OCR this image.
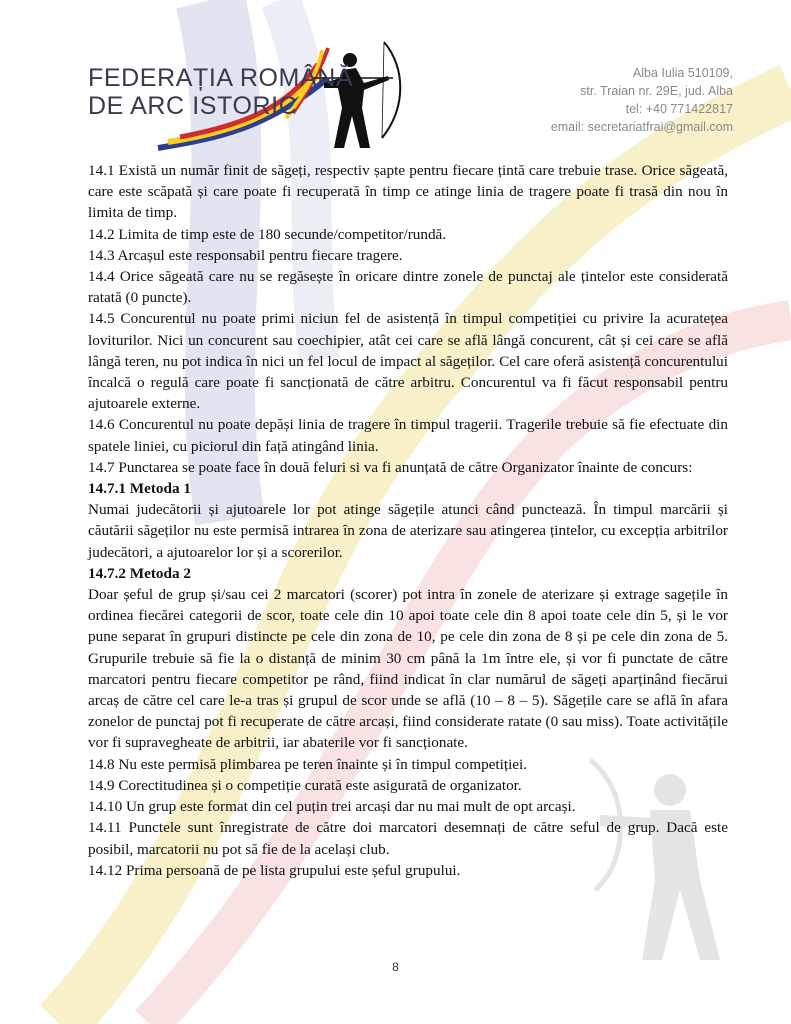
FEDERAȚIA ROMÂNĂ
DE ARC ISTORIC
Alba Iulia 510109,
str. Traian nr. 29E, jud. Alba
tel: +40 771422817
email: secretariatfrai@gmail.com

14.1 Există un număr finit de săgeți, respectiv șapte pentru fiecare țintă care trebuie trase. Orice săgeată, care este scăpată și care poate fi recuperată în timp ce atinge linia de tragere poate fi trasă din nou în limita de timp.

14.2 Limita de timp este de 180 secunde/competitor/rundă.

14.3 Arcașul este responsabil pentru fiecare tragere.

14.4 Orice săgeată care nu se regăsește în oricare dintre zonele de punctaj ale țintelor este considerată ratată (0 puncte).

14.5 Concurentul nu poate primi niciun fel de asistență în timpul competiției cu privire la acuratețea loviturilor. Nici un concurent sau coechipier, atât cei care se află lângă concurent, cât și cei care se află lângă teren, nu pot indica în nici un fel locul de impact al săgeților. Cel care oferă asistență concurentului încalcă o regulă care poate fi sancționată de către arbitru. Concurentul va fi făcut responsabil pentru ajutoarele externe.

14.6 Concurentul nu poate depăși linia de tragere în timpul tragerii. Tragerile trebuie să fie efectuate din spatele liniei, cu piciorul din față atingând linia.

14.7 Punctarea se poate face în două feluri si va fi anunțată de către Organizator înainte de concurs:

14.7.1 Metoda 1

Numai judecătorii și ajutoarele lor pot atinge săgețile atunci când punctează. În timpul marcării și căutării săgeților nu este permisă intrarea în zona de aterizare sau atingerea țintelor, cu excepția arbitrilor judecători, a ajutoarelor lor și a scorerilor.

14.7.2 Metoda 2

Doar șeful de grup și/sau cei 2 marcatori (scorer) pot intra în zonele de aterizare și extrage sagețile în ordinea fiecărei categorii de scor, toate cele din 10 apoi toate cele din 8 apoi toate cele din 5, și le vor pune separat în grupuri distincte pe cele din zona de 10, pe cele din zona de 8 și pe cele din zona de 5. Grupurile trebuie să fie la o distanță de minim 30 cm până la 1m între ele, și vor fi punctate de către marcatori pentru fiecare competitor pe rând, fiind indicat în clar numărul de săgeți aparținând fiecărui arcaș de către cel care le-a tras și grupul de scor unde se află (10 – 8 – 5). Săgețile care se află în afara zonelor de punctaj pot fi recuperate de către arcași, fiind considerate ratate (0 sau miss). Toate activitățile vor fi supravegheate de arbitrii, iar abaterile vor fi sancționate.

14.8 Nu este permisă plimbarea pe teren înainte și în timpul competiției.

14.9 Corectitudinea și o competiție curată este asigurată de organizator.

14.10 Un grup este format din cel puțin trei arcași dar nu mai mult de opt arcași.

14.11 Punctele sunt înregistrate de către doi marcatori desemnați de către seful de grup. Dacă este posibil, marcatorii nu pot să fie de la același club.

14.12 Prima persoană de pe lista grupului este șeful grupului.

8
